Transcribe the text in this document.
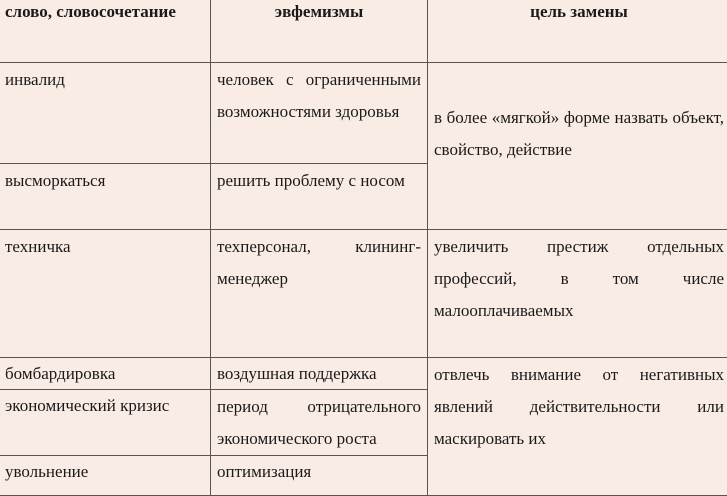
слово, словосочетание	эвфемизмы	цель замены

инвалид	человек с ограниченными возможностями здоровья	в более «мягкой» форме назвать объект, свойство, действие

высморкаться	решить проблему с носом	

техничка	техперсонал, клининг-менеджер	увеличить престиж отдельных профессий, в том числе малооплачиваемых

бомбардировка	воздушная поддержка	отвлечь внимание от негативных явлений действительности или маскировать их

экономический кризис	период отрицательного экономического роста	

увольнение	оптимизация	
